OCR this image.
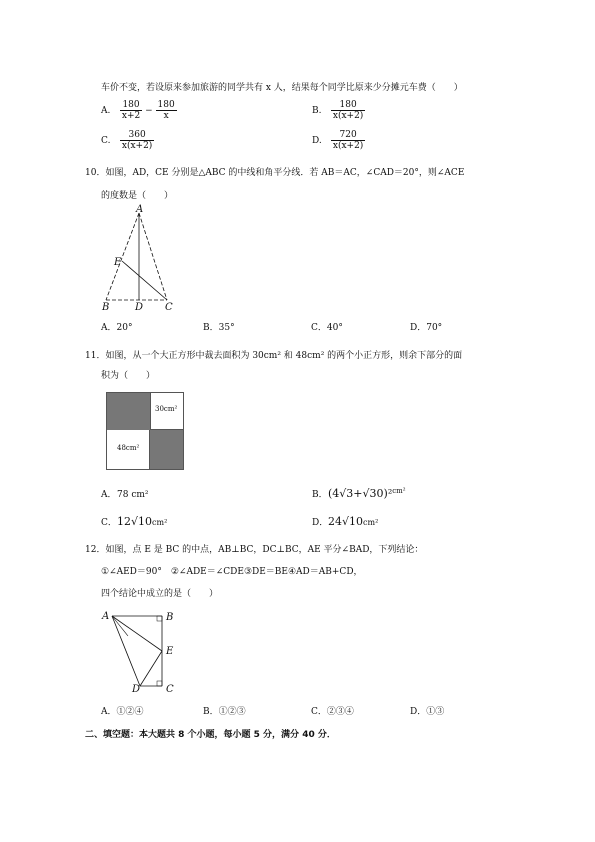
车价不变，若设原来参加旅游的同学共有 x 人，结果每个同学比原来少分摊元车费（　　）
A. $\frac{180}{x+2} - \frac{180}{x}$	B. $\frac{180}{x(x+2)}$
C. $\frac{360}{x(x+2)}$	D. $\frac{720}{x(x+2)}$
10．如图，AD，CE 分别是△ABC 的中线和角平分线．若 AB＝AC，∠CAD＝20°，则∠ACE
的度数是（　　）
A
E
B	D C
A．20°	B．35°	C．40°	D．70°
11．如图，从一个大正方形中裁去面积为 30cm² 和 48cm² 的两个小正方形，则余下部分的面
积为（　　）
30cm²
48cm²
A．78 cm²	B．(4√3+√30)²$^{cm^2}$
C．12√10cm²	D．24√10cm²
12．如图，点 E 是 BC 的中点，AB⊥BC，DC⊥BC，AE 平分∠BAD，下列结论：
①∠AED＝90°　②∠ADE＝∠CDE③DE＝BE④AD＝AB+CD，
四个结论中成立的是（　　）
A	B
E
D	C
A．①②④	B．①②③	C．②③④	D．①③
二、填空题：本大题共 8 个小题，每小题 5 分，满分 40 分．
